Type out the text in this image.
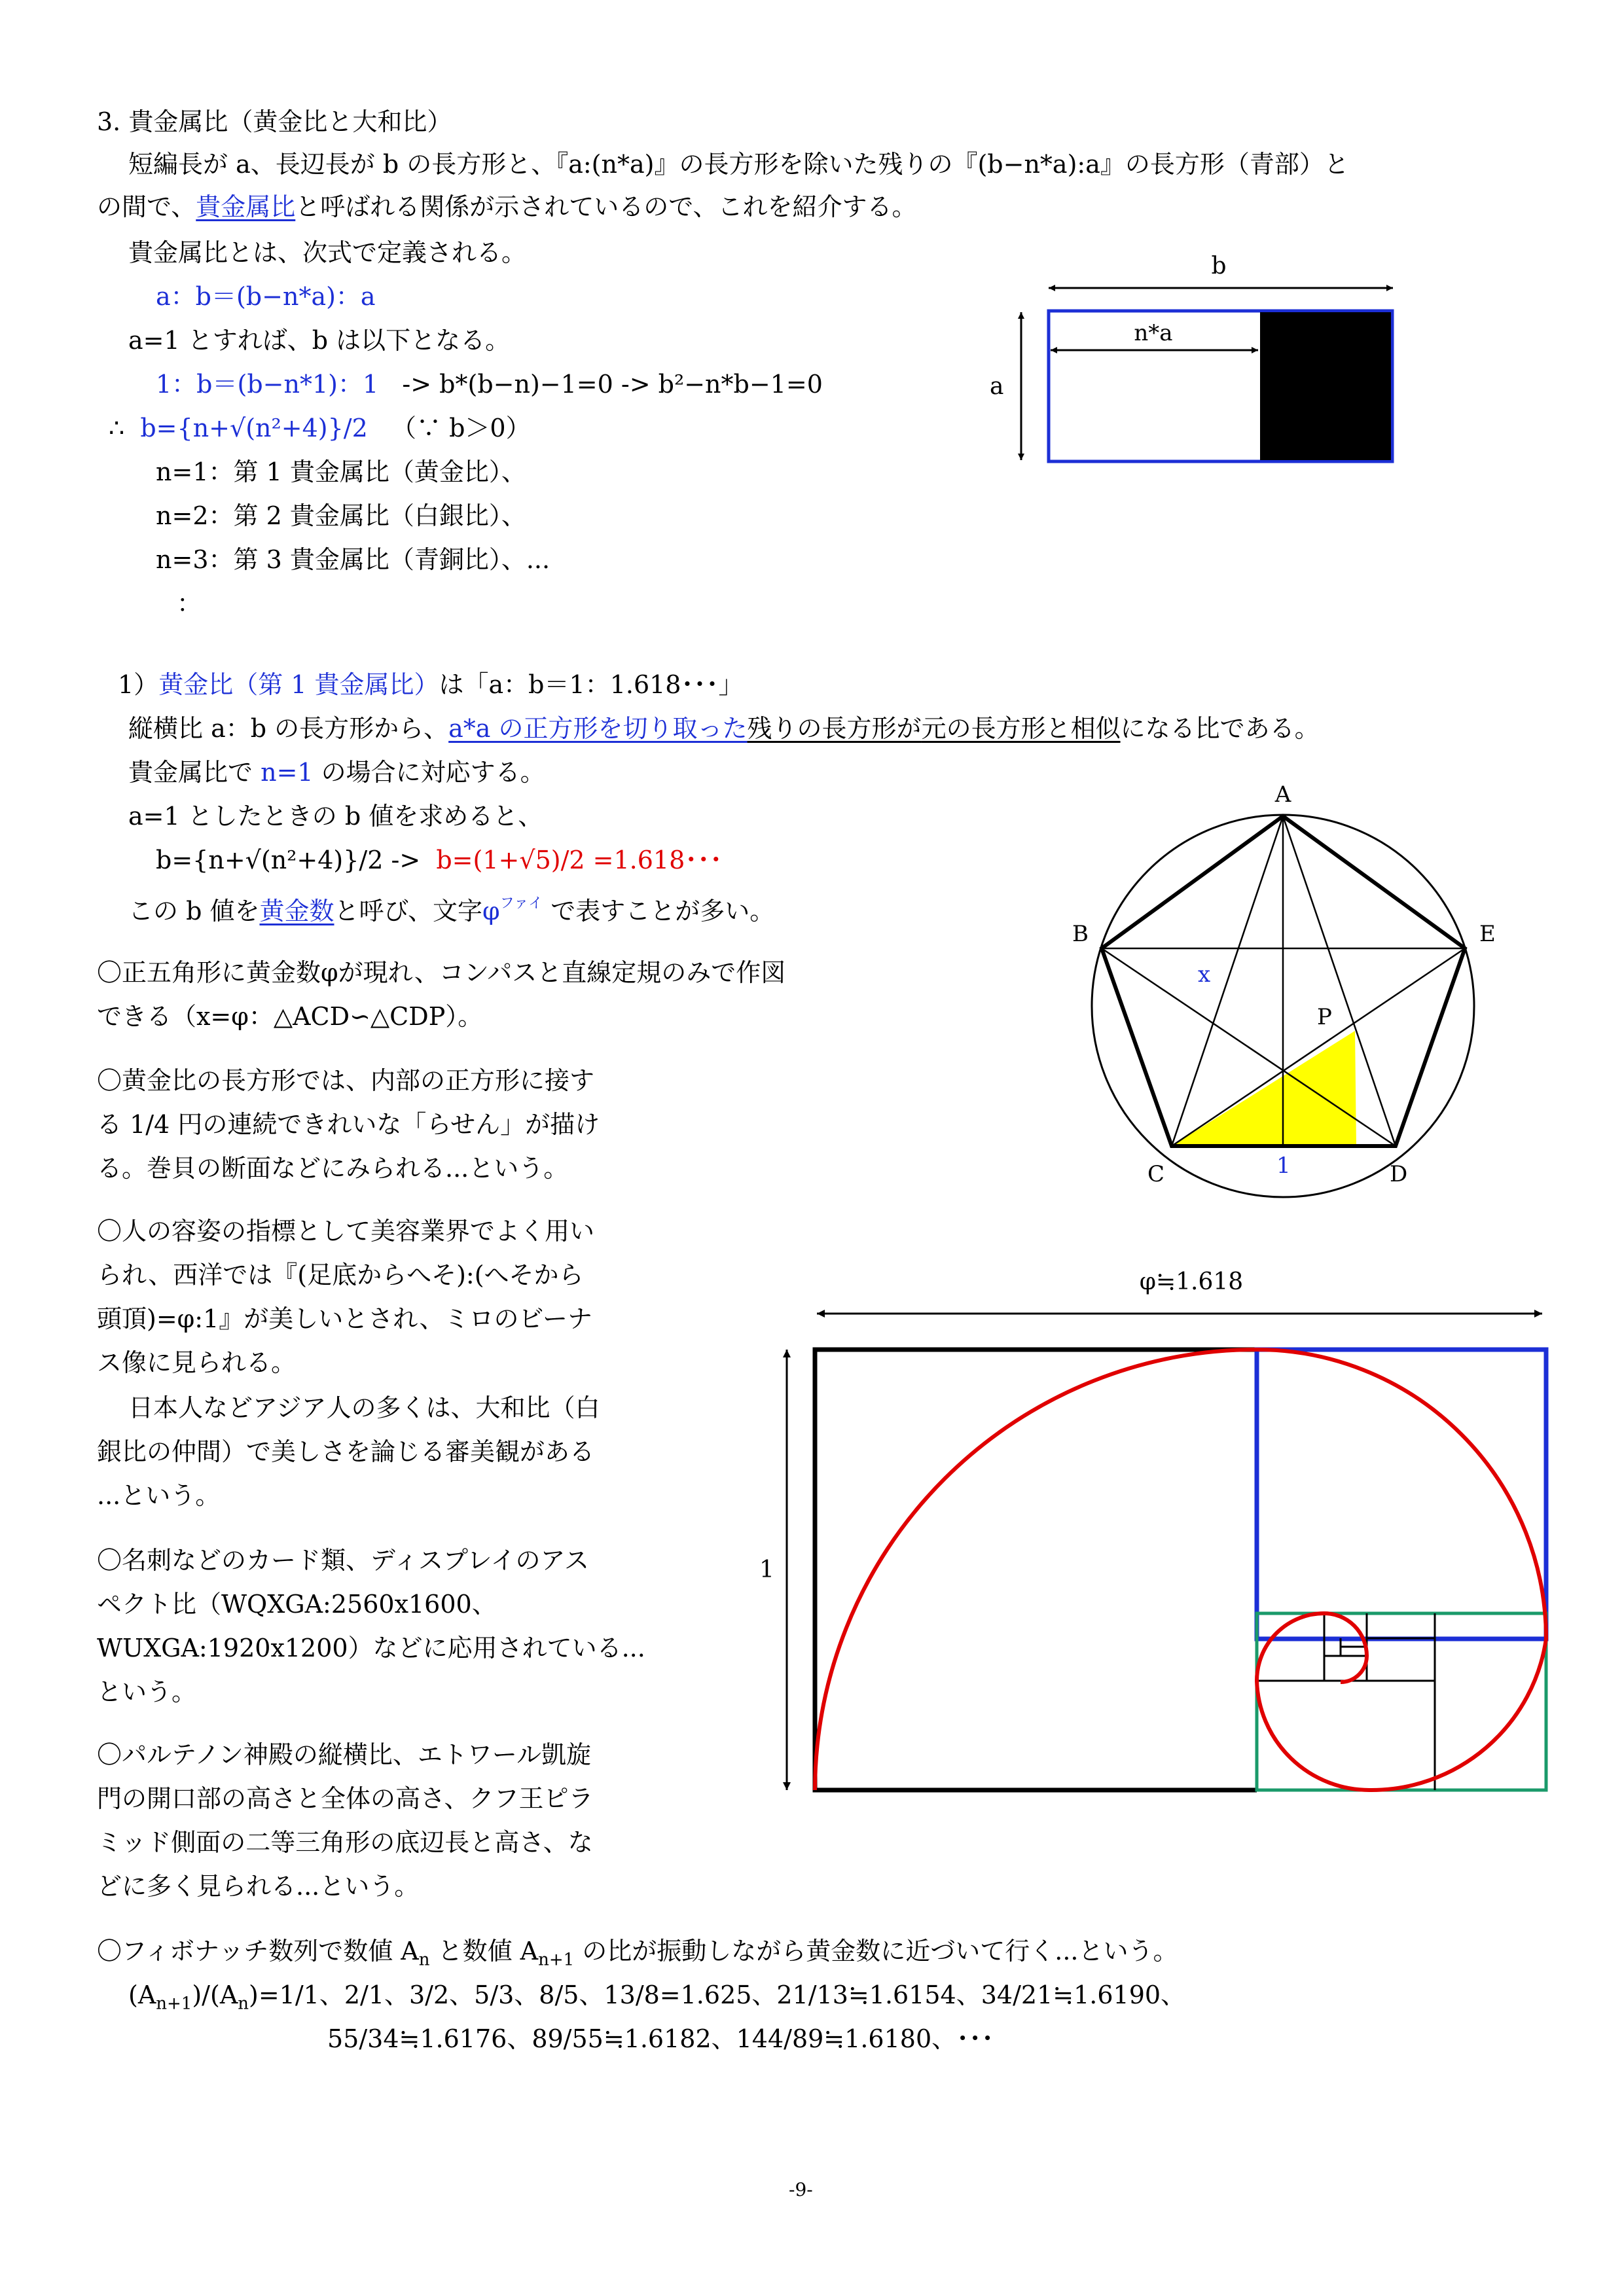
3. 貴金属比（黄金比と大和比）
短編長が a、長辺長が b の長方形と、『a:(n*a)』の長方形を除いた残りの『(b−n*a):a』の長方形（青部）と
の間で、貴金属比と呼ばれる関係が示されているので、これを紹介する。
貴金属比とは、次式で定義される。
a：b＝(b−n*a)：a
a=1 とすれば、b は以下となる。
1：b＝(b−n*1)：1 -> b*(b−n)−1=0 -> b²−n*b−1=0
∴ b={n+√(n²+4)}/2 （∵ b＞0）
n=1：第 1 貴金属比（黄金比）、
n=2：第 2 貴金属比（白銀比）、
n=3：第 3 貴金属比（青銅比）、...
：
b
n*a
a
1）黄金比（第 1 貴金属比）は「a：b＝1：1.618･･･」
縦横比 a：b の長方形から、a*a の正方形を切り取った残りの長方形が元の長方形と相似になる比である。
貴金属比で n=1 の場合に対応する。
a=1 としたときの b 値を求めると、
b={n+√(n²+4)}/2 -> b=(1+√5)/2 =1.618･･･
この b 値を黄金数と呼び、文字$\varphi^{ファイ}$ で表すことが多い。
A
B	E
C	D
P
x
1
〇正五角形に黄金数φが現れ、コンパスと直線定規のみで作図
できる（x=φ：△ACD∽△CDP）。
〇黄金比の長方形では、内部の正方形に接す
る 1/4 円の連続できれいな「らせん」が描け
る。巻貝の断面などにみられる...という。
〇人の容姿の指標として美容業界でよく用い
られ、西洋では『(足底からへそ):(へそから
頭頂)=φ:1』が美しいとされ、ミロのビーナ
ス像に見られる。
日本人などアジア人の多くは、大和比（白
銀比の仲間）で美しさを論じる審美観がある
...という。
〇名刺などのカード類、ディスプレイのアス
ペクト比（WQXGA:2560x1600、
WUXGA:1920x1200）などに応用されている...
という。
〇パルテノン神殿の縦横比、エトワール凱旋
門の開口部の高さと全体の高さ、クフ王ピラ
ミッド側面の二等三角形の底辺長と高さ、な
どに多く見られる...という。
φ≒1.618
1
〇フィボナッチ数列で数値 $A_n$ と数値 $A_{n+1}$ の比が振動しながら黄金数に近づいて行く...という。
$(A_{n+1})/(A_n)=1/1$、2/1、3/2、5/3、8/5、13/8=1.625、21/13≒1.6154、34/21≒1.6190、
55/34≒1.6176、89/55≒1.6182、144/89≒1.6180、･･･
-9-
